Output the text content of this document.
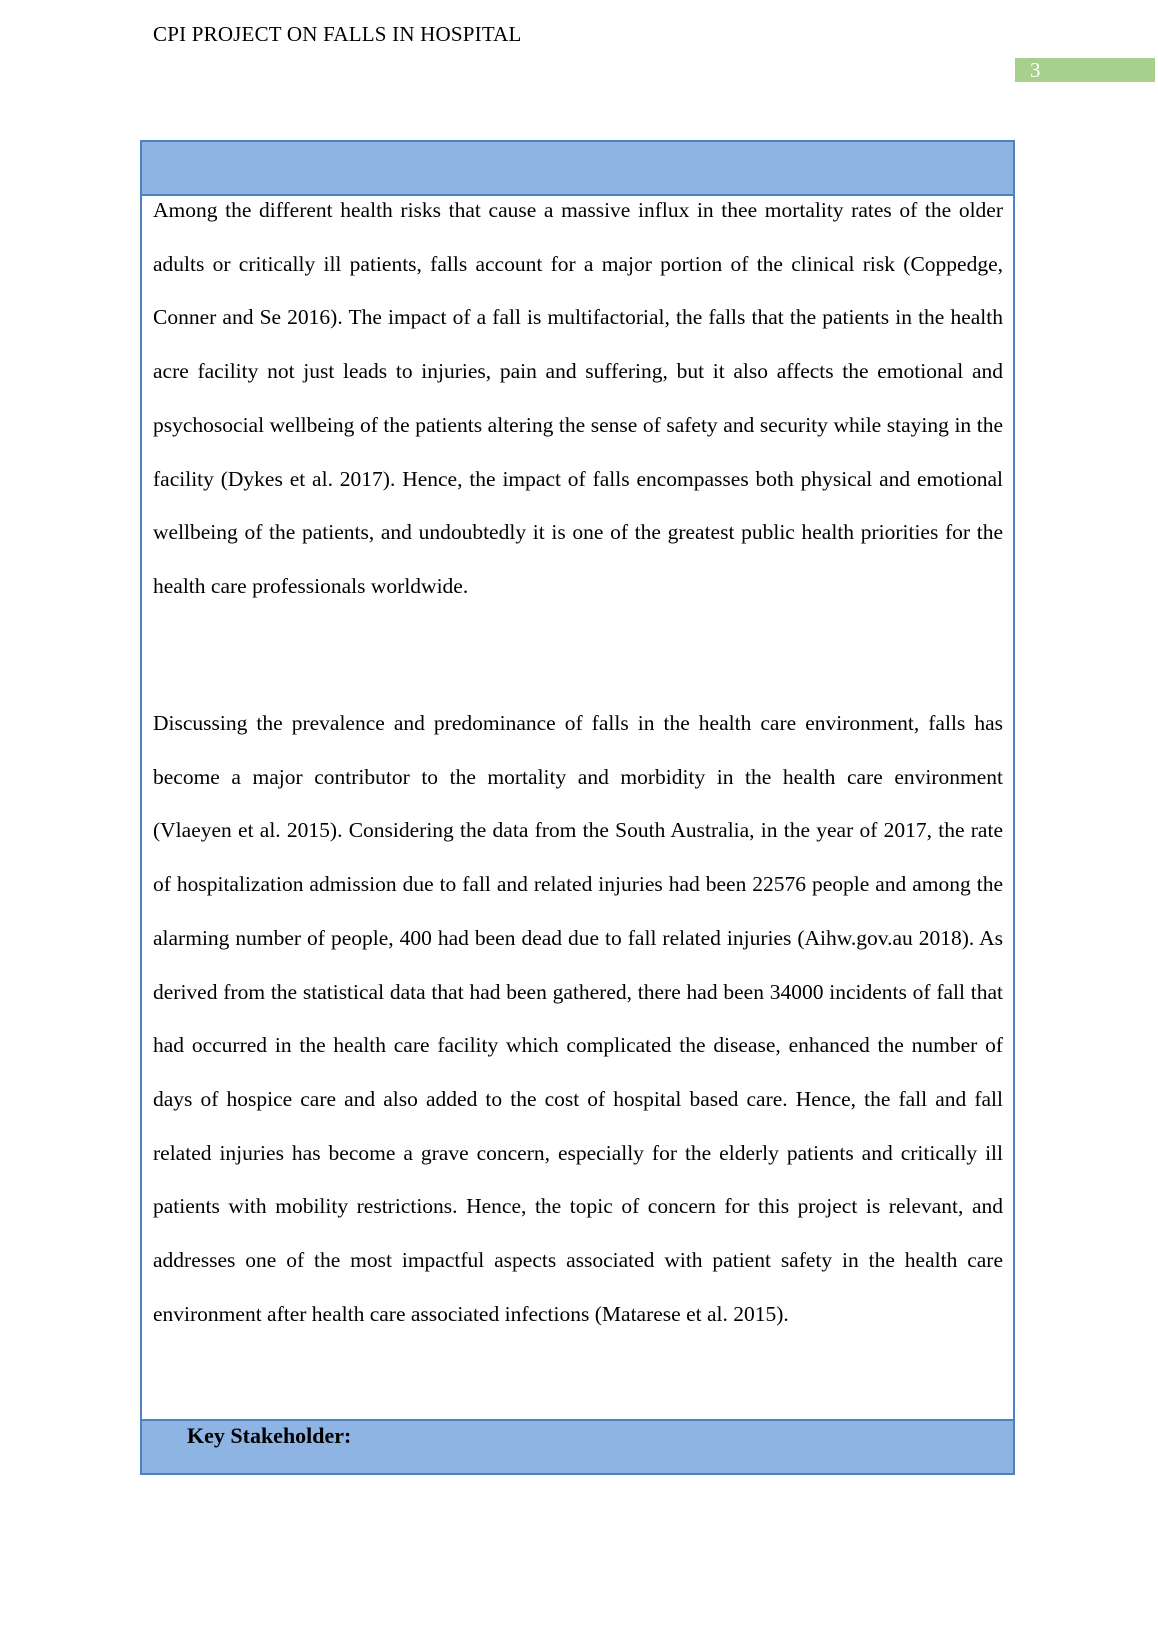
CPI PROJECT ON FALLS IN HOSPITAL
3

Among the different health risks that cause a massive influx in thee mortality rates of the older adults or critically ill patients, falls account for a major portion of the clinical risk (Coppedge, Conner and Se 2016). The impact of a fall is multifactorial, the falls that the patients in the health acre facility not just leads to injuries, pain and suffering, but it also affects the emotional and psychosocial wellbeing of the patients altering the sense of safety and security while staying in the facility (Dykes et al. 2017). Hence, the impact of falls encompasses both physical and emotional wellbeing of the patients, and undoubtedly it is one of the greatest public health priorities for the health care professionals worldwide.

Discussing the prevalence and predominance of falls in the health care environment, falls has become a major contributor to the mortality and morbidity in the health care environment (Vlaeyen et al. 2015). Considering the data from the South Australia, in the year of 2017, the rate of hospitalization admission due to fall and related injuries had been 22576 people and among the alarming number of people, 400 had been dead due to fall related injuries (Aihw.gov.au 2018). As derived from the statistical data that had been gathered, there had been 34000 incidents of fall that had occurred in the health care facility which complicated the disease, enhanced the number of days of hospice care and also added to the cost of hospital based care. Hence, the fall and fall related injuries has become a grave concern, especially for the elderly patients and critically ill patients with mobility restrictions. Hence, the topic of concern for this project is relevant, and addresses one of the most impactful aspects associated with patient safety in the health care environment after health care associated infections (Matarese et al. 2015).

Key Stakeholder:
